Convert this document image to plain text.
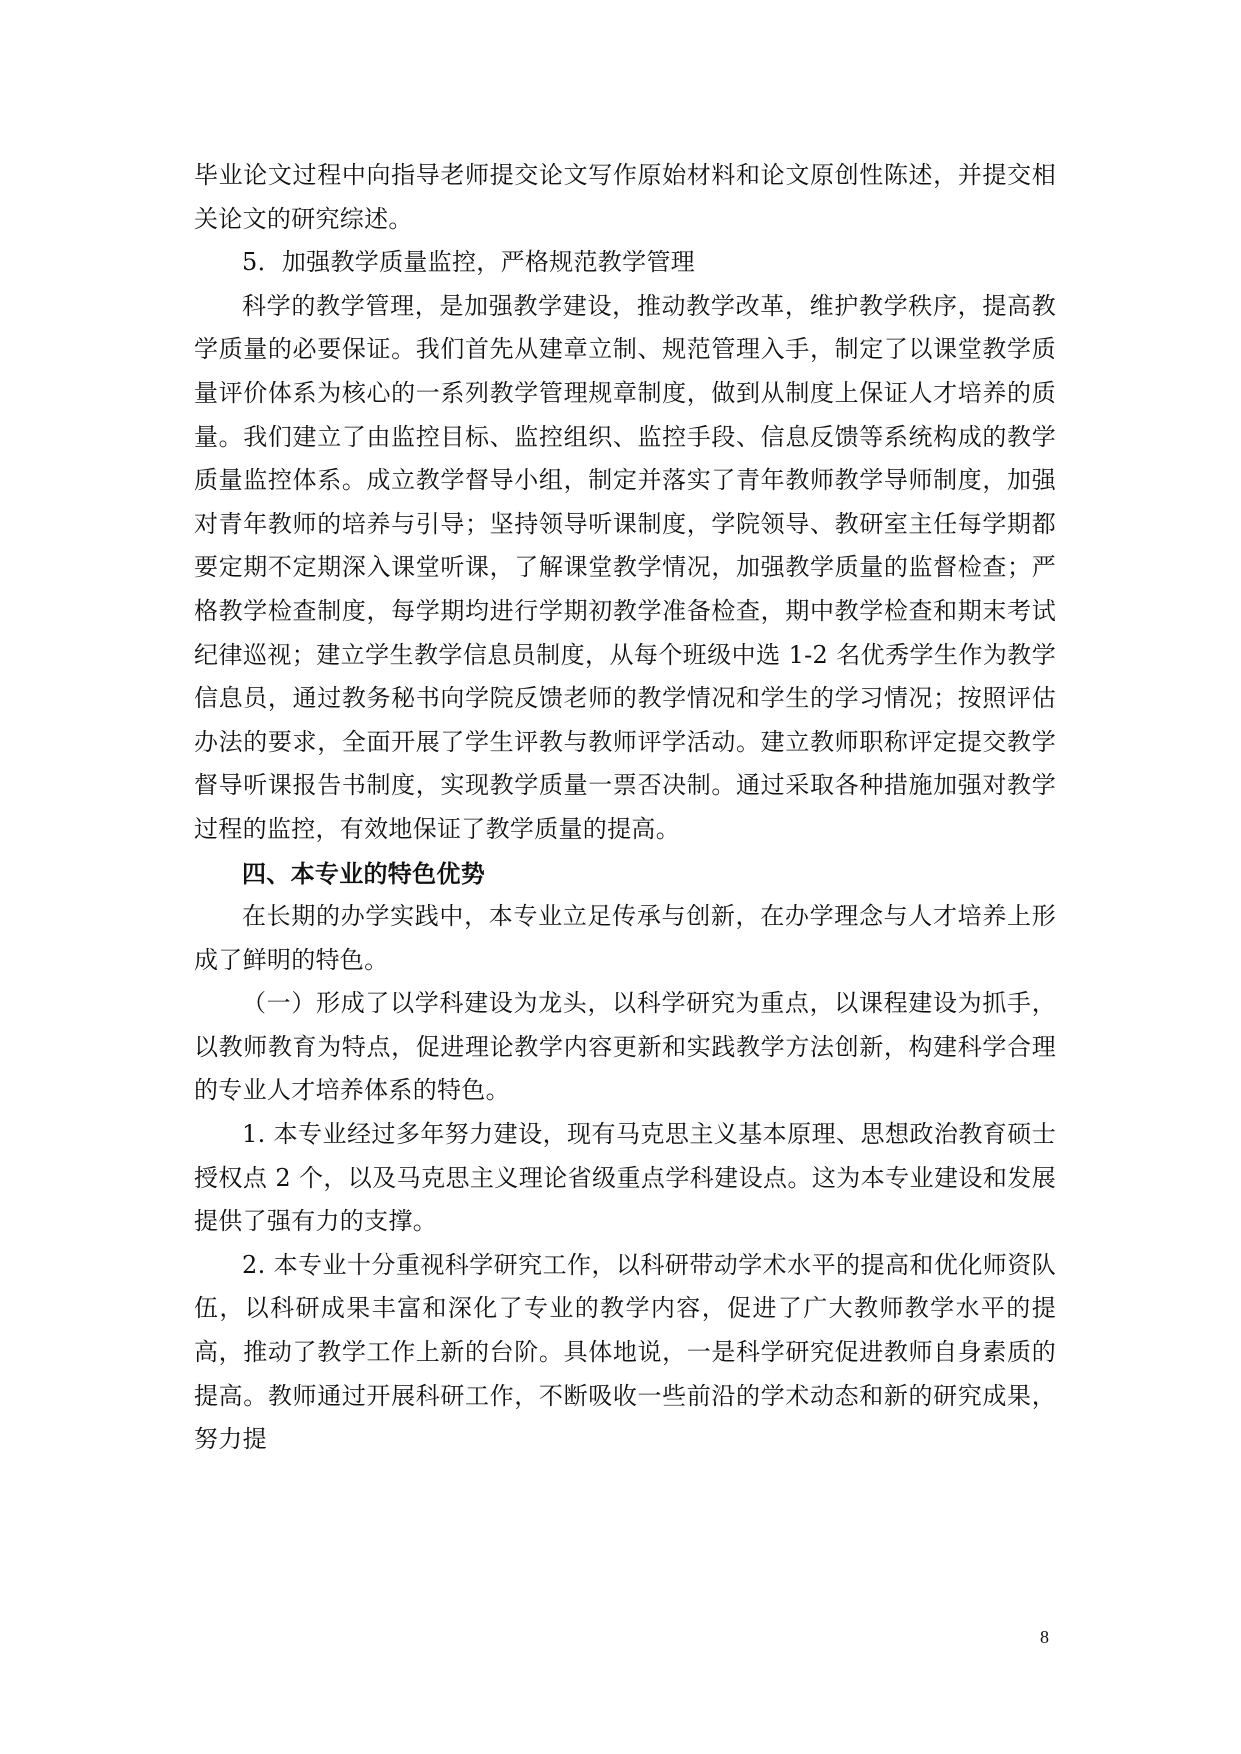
毕业论文过程中向指导老师提交论文写作原始材料和论文原创性陈述，并提交相关论文的研究综述。

5．加强教学质量监控，严格规范教学管理

科学的教学管理，是加强教学建设，推动教学改革，维护教学秩序，提高教学质量的必要保证。我们首先从建章立制、规范管理入手，制定了以课堂教学质量评价体系为核心的一系列教学管理规章制度，做到从制度上保证人才培养的质量。我们建立了由监控目标、监控组织、监控手段、信息反馈等系统构成的教学质量监控体系。成立教学督导小组，制定并落实了青年教师教学导师制度，加强对青年教师的培养与引导；坚持领导听课制度，学院领导、教研室主任每学期都要定期不定期深入课堂听课，了解课堂教学情况，加强教学质量的监督检查；严格教学检查制度，每学期均进行学期初教学准备检查，期中教学检查和期末考试纪律巡视；建立学生教学信息员制度，从每个班级中选 1-2 名优秀学生作为教学信息员，通过教务秘书向学院反馈老师的教学情况和学生的学习情况；按照评估办法的要求，全面开展了学生评教与教师评学活动。建立教师职称评定提交教学督导听课报告书制度，实现教学质量一票否决制。通过采取各种措施加强对教学过程的监控，有效地保证了教学质量的提高。

四、本专业的特色优势

在长期的办学实践中，本专业立足传承与创新，在办学理念与人才培养上形成了鲜明的特色。

（一）形成了以学科建设为龙头，以科学研究为重点，以课程建设为抓手，以教师教育为特点，促进理论教学内容更新和实践教学方法创新，构建科学合理的专业人才培养体系的特色。

1. 本专业经过多年努力建设，现有马克思主义基本原理、思想政治教育硕士授权点 2 个，以及马克思主义理论省级重点学科建设点。这为本专业建设和发展提供了强有力的支撑。

2. 本专业十分重视科学研究工作，以科研带动学术水平的提高和优化师资队伍，以科研成果丰富和深化了专业的教学内容，促进了广大教师教学水平的提高，推动了教学工作上新的台阶。具体地说，一是科学研究促进教师自身素质的提高。教师通过开展科研工作，不断吸收一些前沿的学术动态和新的研究成果，努力提

8
